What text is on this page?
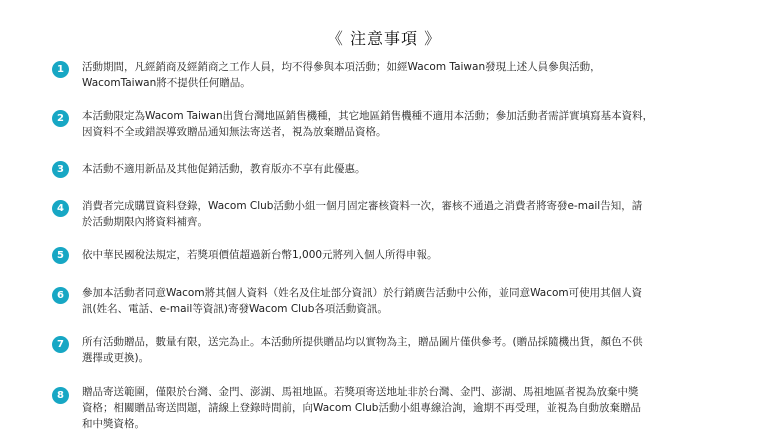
《 注意事項 》
1	活動期間，凡經銷商及經銷商之工作人員，均不得參與本項活動；如經Wacom Taiwan發現上述人員參與活動，
WacomTaiwan將不提供任何贈品。
2	本活動限定為Wacom Taiwan出貨台灣地區銷售機種，其它地區銷售機種不適用本活動；參加活動者需詳實填寫基本資料，
因資料不全或錯誤導致贈品通知無法寄送者，視為放棄贈品資格。
3	本活動不適用新品及其他促銷活動，教育版亦不享有此優惠。
4	消費者完成購買資料登錄，Wacom Club活動小組一個月固定審核資料一次，審核不通過之消費者將寄發e-mail告知，請
於活動期限內將資料補齊。
5	依中華民國稅法規定，若獎項價值超過新台幣1,000元將列入個人所得申報。
6	參加本活動者同意Wacom將其個人資料（姓名及住址部分資訊）於行銷廣告活動中公佈，並同意Wacom可使用其個人資
訊(姓名、電話、e-mail等資訊)寄發Wacom Club各項活動資訊。
7	所有活動贈品，數量有限，送完為止。本活動所提供贈品均以實物為主，贈品圖片僅供參考。(贈品採隨機出貨，顏色不供
選擇或更換)。
8	贈品寄送範圍，僅限於台灣、金門、澎湖、馬祖地區。若獎項寄送地址非於台灣、金門、澎湖、馬祖地區者視為放棄中獎
資格；相關贈品寄送問題，請線上登錄時間前，向Wacom Club活動小組專線洽詢，逾期不再受理，並視為自動放棄贈品
和中獎資格。
